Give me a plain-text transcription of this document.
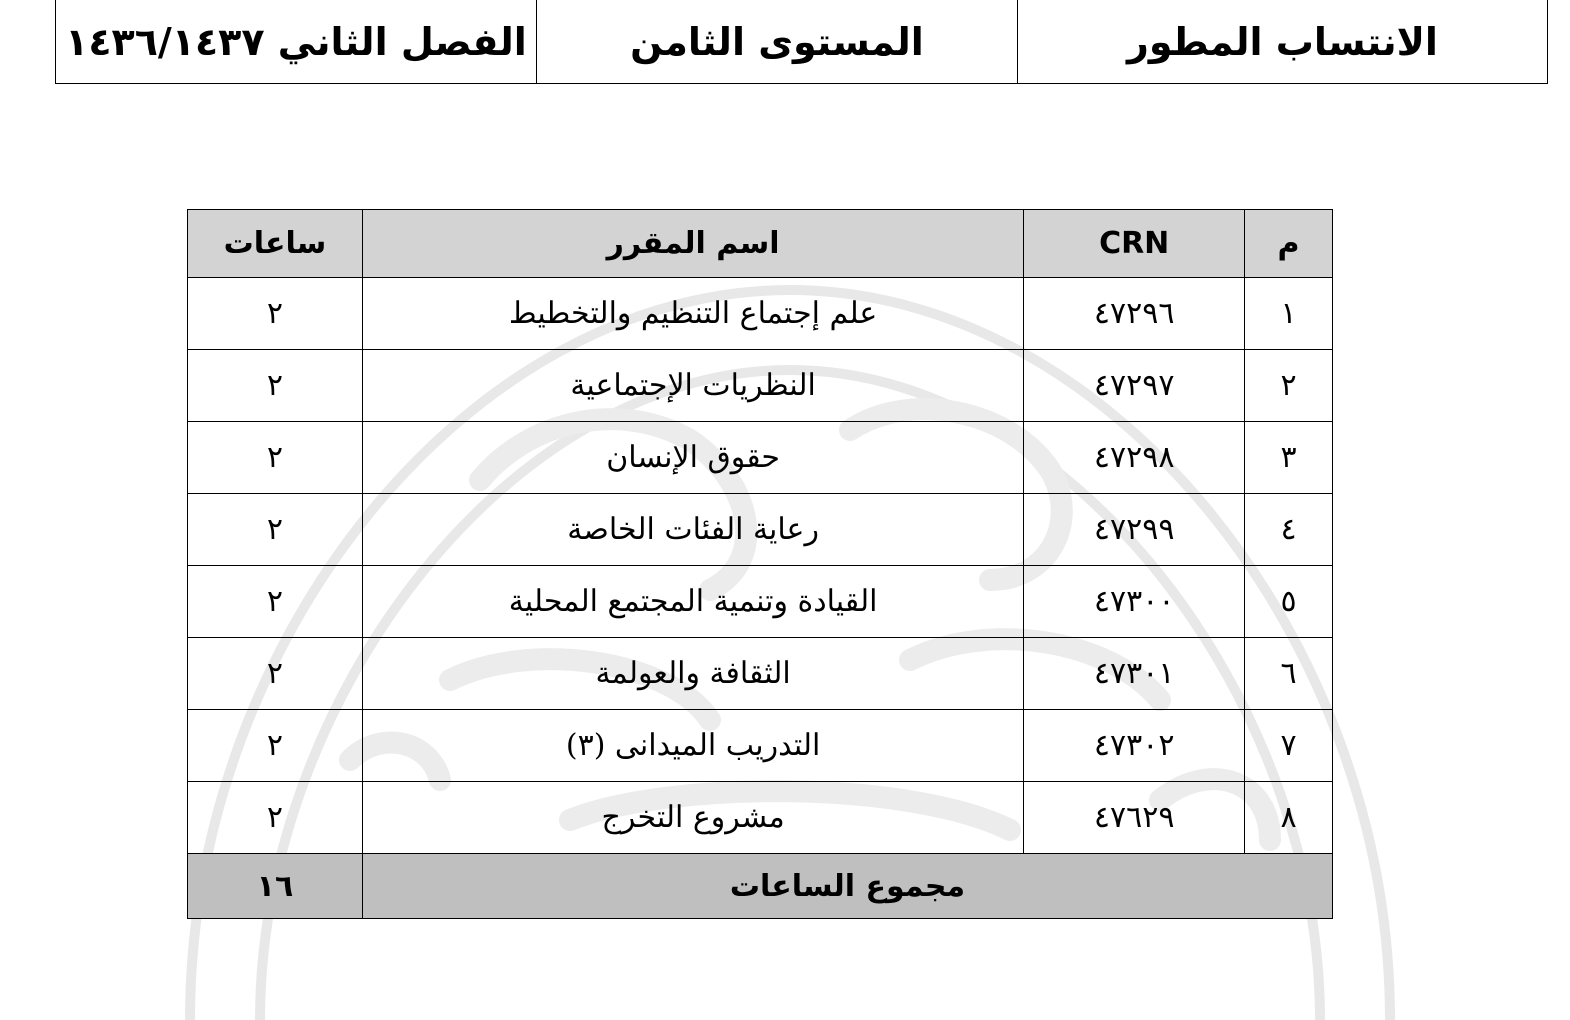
الانتساب المطور	المستوى الثامن	الفصل الثاني ١٤٣٦/١٤٣٧
م	CRN	اسم المقرر	ساعات
١	٤٧٢٩٦	علم إجتماع التنظيم والتخطيط	٢
٢	٤٧٢٩٧	النظريات الإجتماعية	٢
٣	٤٧٢٩٨	حقوق الإنسان	٢
٤	٤٧٢٩٩	رعاية الفئات الخاصة	٢
٥	٤٧٣٠٠	القيادة وتنمية المجتمع المحلية	٢
٦	٤٧٣٠١	الثقافة والعولمة	٢
٧	٤٧٣٠٢	التدريب الميدانى (٣)	٢
٨	٤٧٦٢٩	مشروع التخرج	٢
مجموع الساعات			١٦
